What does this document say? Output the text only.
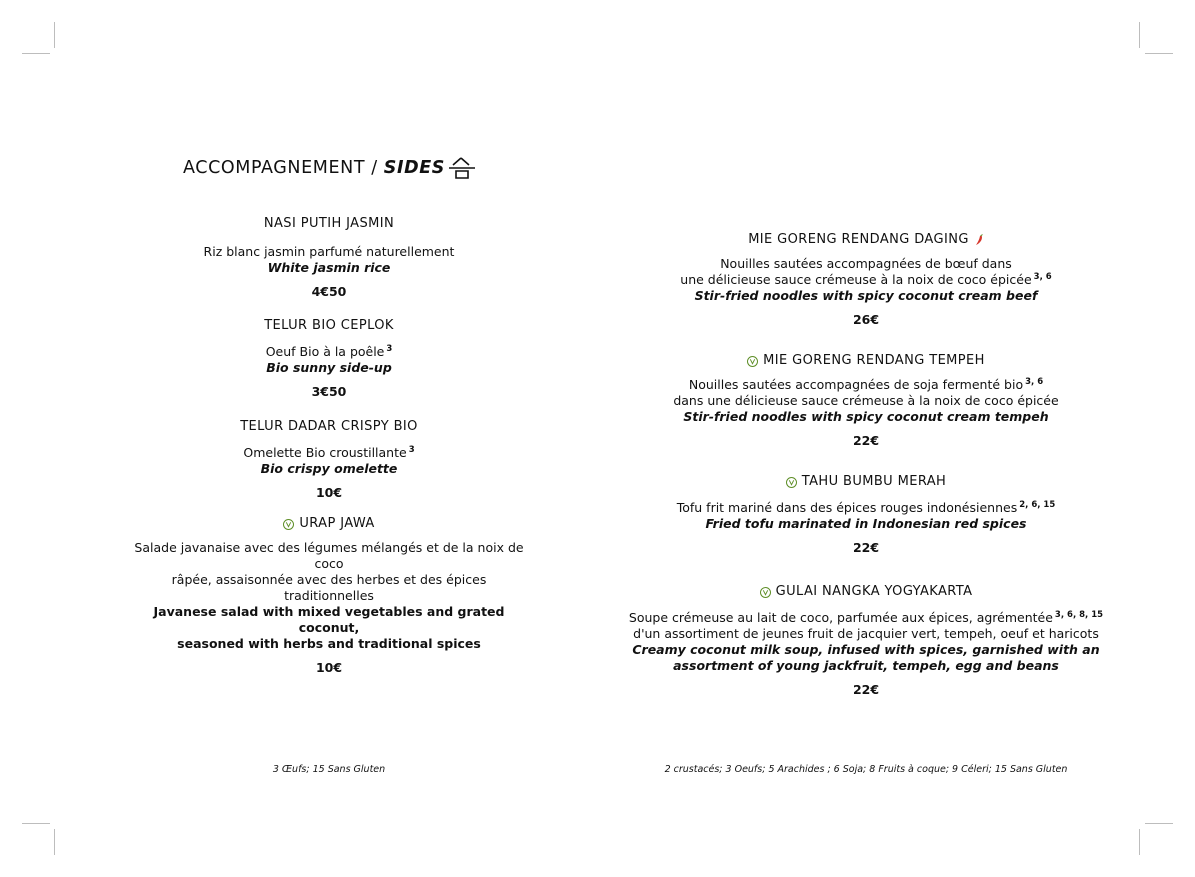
ACCOMPAGNEMENT / SIDES
NASI PUTIH JASMIN
Riz blanc jasmin parfumé naturellement
White jasmin rice
4€50
TELUR BIO CEPLOK
Oeuf Bio à la poêle $^3$
Bio sunny side-up
3€50
TELUR DADAR CRISPY BIO
Omelette Bio croustillante $^3$
Bio crispy omelette
10€
URAP JAWA
Salade javanaise avec des légumes mélangés et de la noix de coco
râpée, assaisonnée avec des herbes et des épices traditionnelles
Javanese salad with mixed vegetables and grated coconut,
seasoned with herbs and traditional spices
10€
3 Œufs; 15 Sans Gluten
MIE GORENG RENDANG DAGING
Nouilles sautées accompagnées de bœuf dans
une délicieuse sauce crémeuse à la noix de coco épicée $^{3, 6}$
Stir-fried noodles with spicy coconut cream beef
26€
MIE GORENG RENDANG TEMPEH
Nouilles sautées accompagnées de soja fermenté bio $^{3, 6}$
dans une délicieuse sauce crémeuse à la noix de coco épicée
Stir-fried noodles with spicy coconut cream tempeh
22€
TAHU BUMBU MERAH
Tofu frit mariné dans des épices rouges indonésiennes $^{2, 6, 15}$
Fried tofu marinated in Indonesian red spices
22€
GULAI NANGKA YOGYAKARTA
Soupe crémeuse au lait de coco, parfumée aux épices, agrémentée $^{3, 6, 8, 15}$
d'un assortiment de jeunes fruit de jacquier vert, tempeh, oeuf et haricots
Creamy coconut milk soup, infused with spices, garnished with an
assortment of young jackfruit, tempeh, egg and beans
22€
2 crustacés; 3 Oeufs; 5 Arachides ; 6 Soja; 8 Fruits à coque; 9 Céleri; 15 Sans Gluten
